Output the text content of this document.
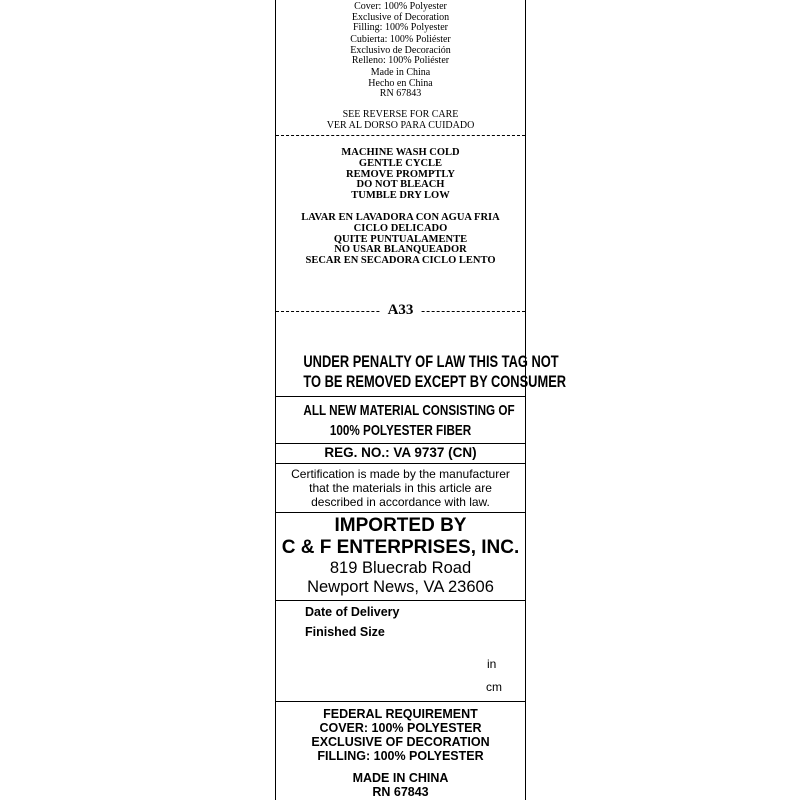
Cover: 100% Polyester
Exclusive of Decoration
Filling: 100% Polyester
Cubierta: 100% Poliéster
Exclusivo de Decoración
Relleno: 100% Poliéster
Made in China
Hecho en China
RN 67843
SEE REVERSE FOR CARE
VER AL DORSO PARA CUIDADO
MACHINE WASH COLD
GENTLE CYCLE
REMOVE PROMPTLY
DO NOT BLEACH
TUMBLE DRY LOW
LAVAR EN LAVADORA CON AGUA FRIA
CICLO DELICADO
QUITE PUNTUALAMENTE
NO USAR BLANQUEADOR
SECAR EN SECADORA CICLO LENTO
A33
UNDER PENALTY OF LAW THIS TAG NOT
TO BE REMOVED EXCEPT BY CONSUMER
ALL NEW MATERIAL CONSISTING OF
100% POLYESTER FIBER
REG. NO.: VA 9737 (CN)
Certification is made by the manufacturer
that the materials in this article are
described in accordance with law.
IMPORTED BY
C & F ENTERPRISES, INC.
819 Bluecrab Road
Newport News, VA 23606
Date of Delivery
Finished Size
in
cm
FEDERAL REQUIREMENT
COVER: 100% POLYESTER
EXCLUSIVE OF DECORATION
FILLING: 100% POLYESTER
MADE IN CHINA
RN 67843
